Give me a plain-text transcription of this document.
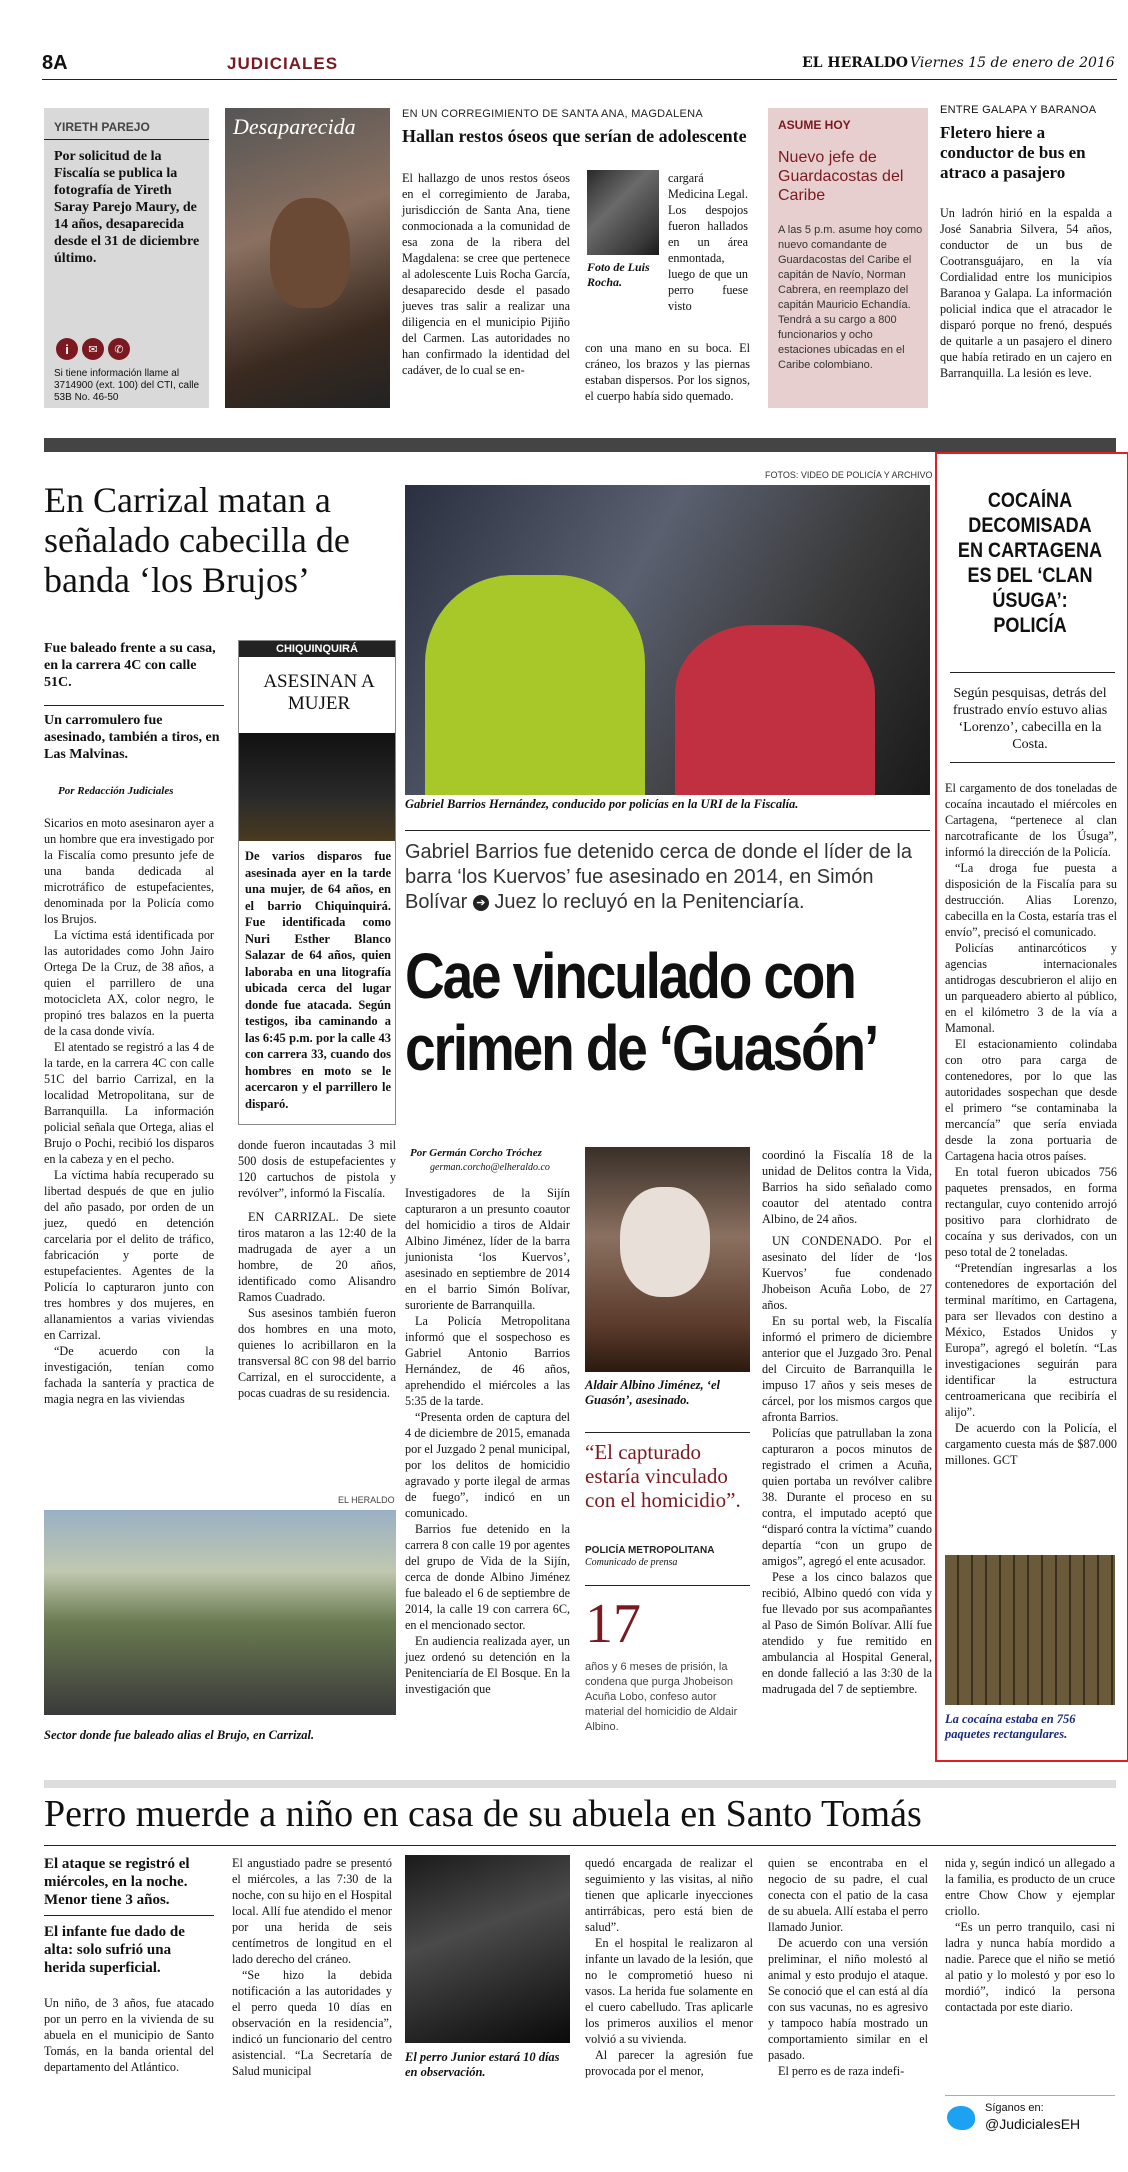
8A	JUDICIALES	EL HERALDO Viernes 15 de enero de 2016
YIRETH PAREJO
Por solicitud de la Fiscalía se publica la fotografía de Yireth Saray Parejo Maury, de 14 años, desaparecida desde el 31 de diciembre último.
i	✉	✆
Si tiene información llame al 3714900 (ext. 100) del CTI, calle 53B No. 46-50
Desaparecida	EN UN CORREGIMIENTO DE SANTA ANA, MAGDALENA
Hallan restos óseos que serían de adolescente
El hallazgo de unos restos óseos en el corregimiento de Jaraba, jurisdicción de Santa Ana, tiene conmocionada a la comunidad de esa zona de la ribera del Magdalena: se cree que pertenece al adolescente Luis Rocha García, desaparecido desde el pasado jueves tras salir a realizar una diligencia en el municipio Pijiño del Carmen. Las autoridades no han confirmado la identidad del cadáver, de lo cual se en-
Foto de Luis Rocha.
cargará Medicina Legal. Los despojos fueron hallados en un área enmontada, luego de que un perro fuese visto
con una mano en su boca. El cráneo, los brazos y las piernas estaban dispersos. Por los signos, el cuerpo había sido quemado.
ASUME HOY
Nuevo jefe de Guardacostas del Caribe
A las 5 p.m. asume hoy como nuevo comandante de Guardacostas del Caribe el capitán de Navío, Norman Cabrera, en reemplazo del capitán Mauricio Echandía. Tendrá a su cargo a 800 funcionarios y ocho estaciones ubicadas en el Caribe colombiano.
ENTRE GALAPA Y BARANOA
Fletero hiere a conductor de bus en atraco a pasajero
Un ladrón hirió en la espalda a José Sanabria Silvera, 54 años, conductor de un bus de Cootransguájaro, en la vía Cordialidad entre los municipios Baranoa y Galapa. La información policial indica que el atracador le disparó porque no frenó, después de quitarle a un pasajero el dinero que había retirado en un cajero en Barranquilla. La lesión es leve.
En Carrizal matan a señalado cabecilla de banda ‘los Brujos’
Fue baleado frente a su casa, en la carrera 4C con calle 51C.
Un carromulero fue asesinado, también a tiros, en Las Malvinas.
Por Redacción Judiciales

Sicarios en moto asesinaron ayer a un hombre que era investigado por la Fiscalía como presunto jefe de una banda dedicada al microtráfico de estupefacientes, denominada por la Policía como los Brujos.

La víctima está identificada por las autoridades como John Jairo Ortega De la Cruz, de 38 años, a quien el parrillero de una motocicleta AX, color negro, le propinó tres balazos en la puerta de la casa donde vivía.

El atentado se registró a las 4 de la tarde, en la carrera 4C con calle 51C del barrio Carrizal, en la localidad Metropolitana, sur de Barranquilla. La información policial señala que Ortega, alias el Brujo o Pochi, recibió los disparos en la cabeza y en el pecho.

La víctima había recuperado su libertad después de que en julio del año pasado, por orden de un juez, quedó en detención carcelaria por el delito de tráfico, fabricación y porte de estupefacientes. Agentes de la Policía lo capturaron junto con tres hombres y dos mujeres, en allanamientos a varias viviendas en Carrizal.

“De acuerdo con la investigación, tenían como fachada la santería y practica de magia negra en las viviendas

CHIQUINQUIRÁ
ASESINAN A MUJER
De varios disparos fue asesinada ayer en la tarde una mujer, de 64 años, en el barrio Chiquinquirá. Fue identificada como Nuri Esther Blanco Salazar de 64 años, quien laboraba en una litografía ubicada cerca del lugar donde fue atacada. Según testigos, iba caminando a las 6:45 p.m. por la calle 43 con carrera 33, cuando dos hombres en moto se le acercaron y el parrillero le disparó.

donde fueron incautadas 3 mil 500 dosis de estupefacientes y 120 cartuchos de pistola y revólver”, informó la Fiscalía.

EN CARRIZAL. De siete tiros mataron a las 12:40 de la madrugada de ayer a un hombre, de 20 años, identificado como Alisandro Ramos Cuadrado.

Sus asesinos también fueron dos hombres en una moto, quienes lo acribillaron en la transversal 8C con 98 del barrio Carrizal, en el suroccidente, a pocas cuadras de su residencia.

EL HERALDO
Sector donde fue baleado alias el Brujo, en Carrizal.
FOTOS: VIDEO DE POLICÍA Y ARCHIVO
Gabriel Barrios Hernández, conducido por policías en la URI de la Fiscalía.
Gabriel Barrios fue detenido cerca de donde el líder de la barra ‘los Kuervos’ fue asesinado en 2014, en Simón Bolívar ➔ Juez lo recluyó en la Penitenciaría.
Cae vinculado con crimen de ‘Guasón’
Por Germán Corcho Tróchez
german.corcho@elheraldo.co

Investigadores de la Sijín capturaron a un presunto coautor del homicidio a tiros de Aldair Albino Jiménez, líder de la barra junionista ‘los Kuervos’, asesinado en septiembre de 2014 en el barrio Simón Bolívar, suroriente de Barranquilla.

La Policía Metropolitana informó que el sospechoso es Gabriel Antonio Barrios Hernández, de 46 años, aprehendido el miércoles a las 5:35 de la tarde.

“Presenta orden de captura del 4 de diciembre de 2015, emanada por el Juzgado 2 penal municipal, por los delitos de homicidio agravado y porte ilegal de armas de fuego”, indicó en un comunicado.

Barrios fue detenido en la carrera 8 con calle 19 por agentes del grupo de Vida de la Sijín, cerca de donde Albino Jiménez fue baleado el 6 de septiembre de 2014, la calle 19 con carrera 6C, en el mencionado sector.

En audiencia realizada ayer, un juez ordenó su detención en la Penitenciaría de El Bosque. En la investigación que

Aldair Albino Jiménez, ‘el Guasón’, asesinado.
“El capturado estaría vinculado con el homicidio”.
POLICÍA METROPOLITANA
Comunicado de prensa
17
años y 6 meses de prisión, la condena que purga Jhobeison Acuña Lobo, confeso autor material del homicidio de Aldair Albino.

coordinó la Fiscalía 18 de la unidad de Delitos contra la Vida, Barrios ha sido señalado como coautor del atentado contra Albino, de 24 años.

UN CONDENADO. Por el asesinato del líder de ‘los Kuervos’ fue condenado Jhobeison Acuña Lobo, de 27 años.

En su portal web, la Fiscalía informó el primero de diciembre anterior que el Juzgado 3ro. Penal del Circuito de Barranquilla le impuso 17 años y seis meses de cárcel, por los mismos cargos que afronta Barrios.

Policías que patrullaban la zona capturaron a pocos minutos de registrado el crimen a Acuña, quien portaba un revólver calibre 38. Durante el proceso en su contra, el imputado aceptó que “disparó contra la víctima” cuando departía “con un grupo de amigos”, agregó el ente acusador.

Pese a los cinco balazos que recibió, Albino quedó con vida y fue llevado por sus acompañantes al Paso de Simón Bolívar. Allí fue atendido y fue remitido en ambulancia al Hospital General, en donde falleció a las 3:30 de la madrugada del 7 de septiembre.

COCAÍNA DECOMISADA EN CARTAGENA ES DEL ‘CLAN ÚSUGA’: POLICÍA
Según pesquisas, detrás del frustrado envío estuvo alias ‘Lorenzo’, cabecilla en la Costa.

El cargamento de dos toneladas de cocaína incautado el miércoles en Cartagena, “pertenece al clan narcotraficante de los Úsuga”, informó la dirección de la Policía.

“La droga fue puesta a disposición de la Fiscalía para su destrucción. Alias Lorenzo, cabecilla en la Costa, estaría tras el envío”, precisó el comunicado.

Policías antinarcóticos y agencias internacionales antidrogas descubrieron el alijo en un parqueadero abierto al público, en el kilómetro 3 de la vía a Mamonal.

El estacionamiento colindaba con otro para carga de contenedores, por lo que las autoridades sospechan que desde el primero “se contaminaba la mercancía” que sería enviada desde la zona portuaria de Cartagena hacia otros países.

En total fueron ubicados 756 paquetes prensados, en forma rectangular, cuyo contenido arrojó positivo para clorhidrato de cocaína y sus derivados, con un peso total de 2 toneladas.

“Pretendían ingresarlas a los contenedores de exportación del terminal marítimo, en Cartagena, para ser llevados con destino a México, Estados Unidos y Europa”, agregó el boletín. “Las investigaciones seguirán para identificar la estructura centroamericana que recibiría el alijo”.

De acuerdo con la Policía, el cargamento cuesta más de $87.000 millones. GCT

La cocaína estaba en 756 paquetes rectangulares.
Perro muerde a niño en casa de su abuela en Santo Tomás
El ataque se registró el miércoles, en la noche. Menor tiene 3 años.
El infante fue dado de alta: solo sufrió una herida superficial.
Un niño, de 3 años, fue atacado por un perro en la vivienda de su abuela en el municipio de Santo Tomás, en la banda oriental del departamento del Atlántico.

El angustiado padre se presentó el miércoles, a las 7:30 de la noche, con su hijo en el Hospital local. Allí fue atendido el menor por una herida de seis centímetros de longitud en el lado derecho del cráneo.

“Se hizo la debida notificación a las autoridades y el perro queda 10 días en observación en la residencia”, indicó un funcionario del centro asistencial. “La Secretaría de Salud municipal

El perro Junior estará 10 días en observación.

quedó encargada de realizar el seguimiento y las visitas, al niño tienen que aplicarle inyecciones antirrábicas, pero está bien de salud”.

En el hospital le realizaron al infante un lavado de la lesión, que no le comprometió hueso ni vasos. La herida fue solamente en el cuero cabelludo. Tras aplicarle los primeros auxilios el menor volvió a su vivienda.

Al parecer la agresión fue provocada por el menor,

quien se encontraba en el negocio de su padre, el cual conecta con el patio de la casa de su abuela. Allí estaba el perro llamado Junior.

De acuerdo con una versión preliminar, el niño molestó al animal y esto produjo el ataque. Se conoció que el can está al día con sus vacunas, no es agresivo y tampoco había mostrado un comportamiento similar en el pasado.

El perro es de raza indefi-

nida y, según indicó un allegado a la familia, es producto de un cruce entre Chow Chow y ejemplar criollo.

“Es un perro tranquilo, casi ni ladra y nunca había mordido a nadie. Parece que el niño se metió al patio y lo molestó y por eso lo mordió”, indicó la persona contactada por este diario.

Síganos en:
@JudicialesEH
